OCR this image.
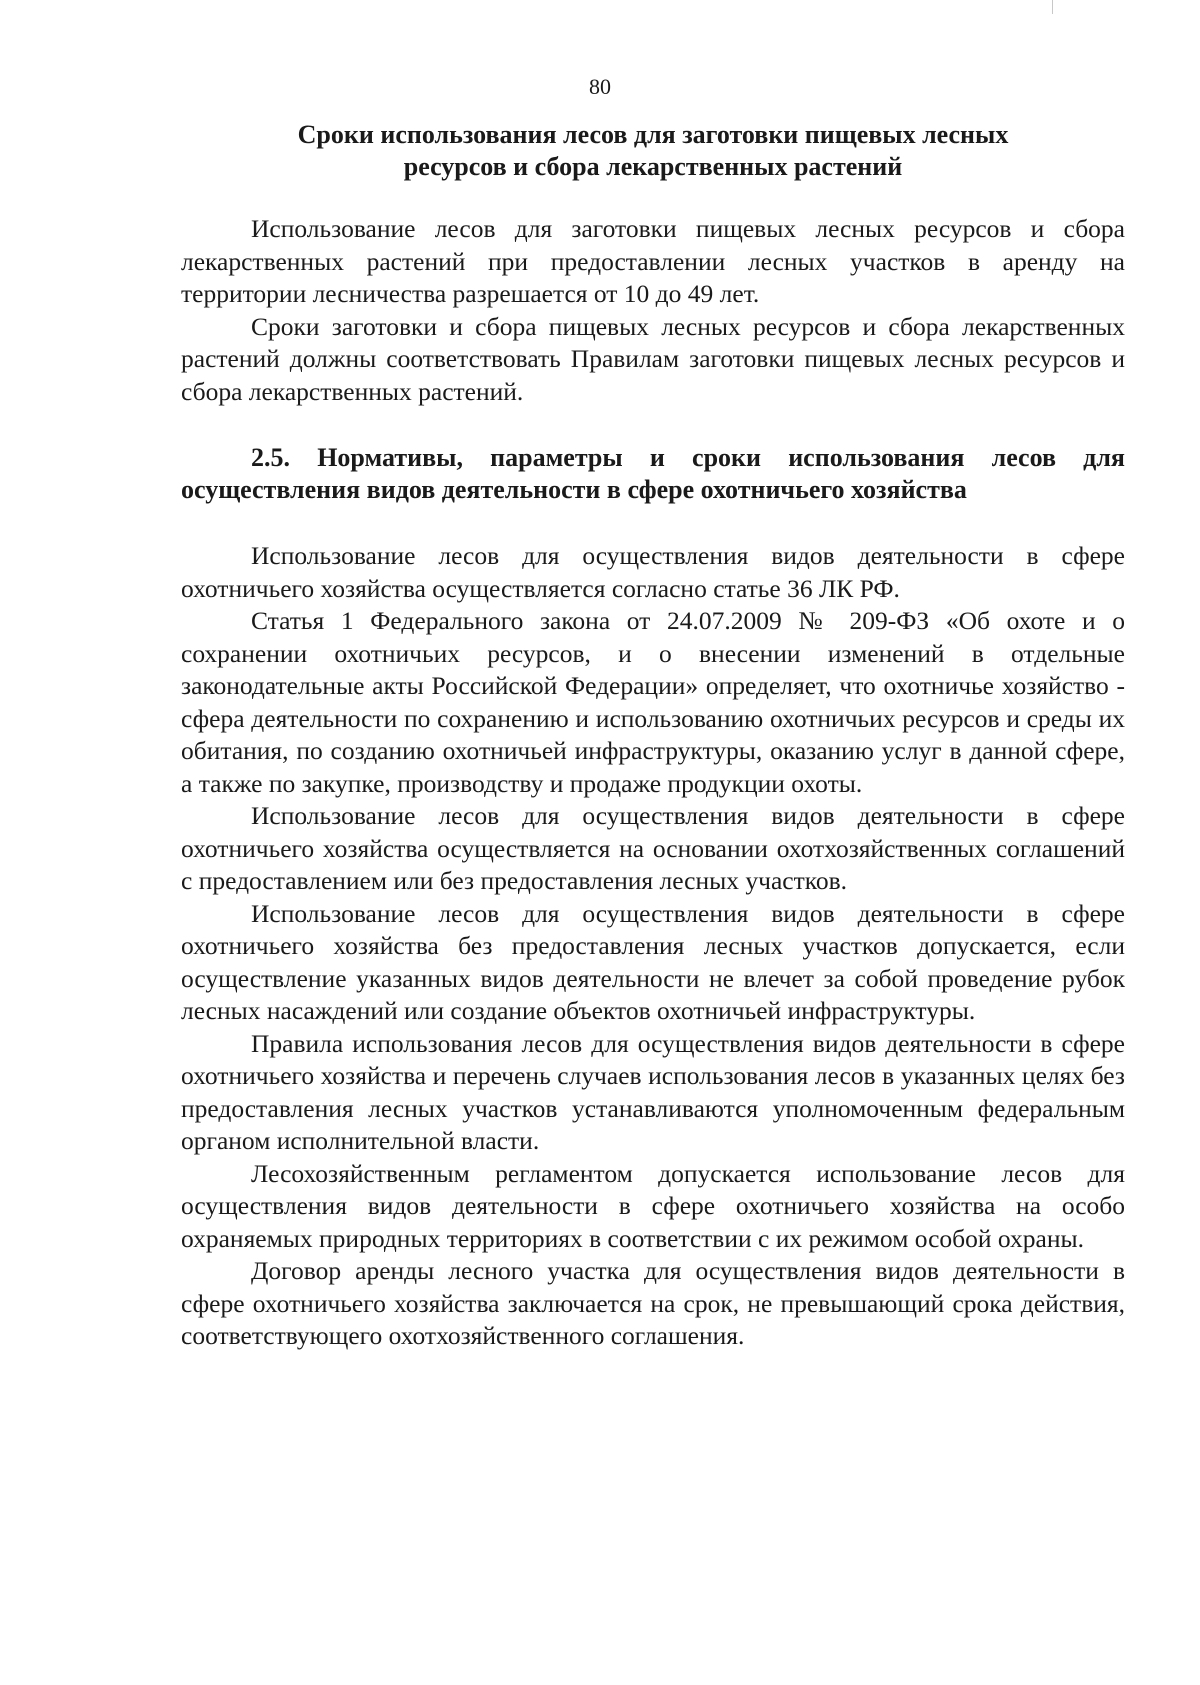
80
Сроки использования лесов для заготовки пищевых лесных
ресурсов и сбора лекарственных растений

Использование лесов для заготовки пищевых лесных ресурсов и сбора лекарственных растений при предоставлении лесных участков в аренду на территории лесничества разрешается от 10 до 49 лет.

Сроки заготовки и сбора пищевых лесных ресурсов и сбора лекарственных растений должны соответствовать Правилам заготовки пищевых лесных ресурсов и сбора лекарственных растений.

2.5. Нормативы, параметры и сроки использования лесов для осуществления видов деятельности в сфере охотничьего хозяйства

Использование лесов для осуществления видов деятельности в сфере охотничьего хозяйства осуществляется согласно статье 36 ЛК РФ.

Статья 1 Федерального закона от 24.07.2009 № 209-ФЗ «Об охоте и о сохранении охотничьих ресурсов, и о внесении изменений в отдельные законодательные акты Российской Федерации» определяет, что охотничье хозяйство - сфера деятельности по сохранению и использованию охотничьих ресурсов и среды их обитания, по созданию охотничьей инфраструктуры, оказанию услуг в данной сфере, а также по закупке, производству и продаже продукции охоты.

Использование лесов для осуществления видов деятельности в сфере охотничьего хозяйства осуществляется на основании охотхозяйственных соглашений с предоставлением или без предоставления лесных участков.

Использование лесов для осуществления видов деятельности в сфере охотничьего хозяйства без предоставления лесных участков допускается, если осуществление указанных видов деятельности не влечет за собой проведение рубок лесных насаждений или создание объектов охотничьей инфраструктуры.

Правила использования лесов для осуществления видов деятельности в сфере охотничьего хозяйства и перечень случаев использования лесов в указанных целях без предоставления лесных участков устанавливаются уполномоченным федеральным органом исполнительной власти.

Лесохозяйственным регламентом допускается использование лесов для осуществления видов деятельности в сфере охотничьего хозяйства на особо охраняемых природных территориях в соответствии с их режимом особой охраны.

Договор аренды лесного участка для осуществления видов деятельности в сфере охотничьего хозяйства заключается на срок, не превышающий срока действия, соответствующего охотхозяйственного соглашения.
